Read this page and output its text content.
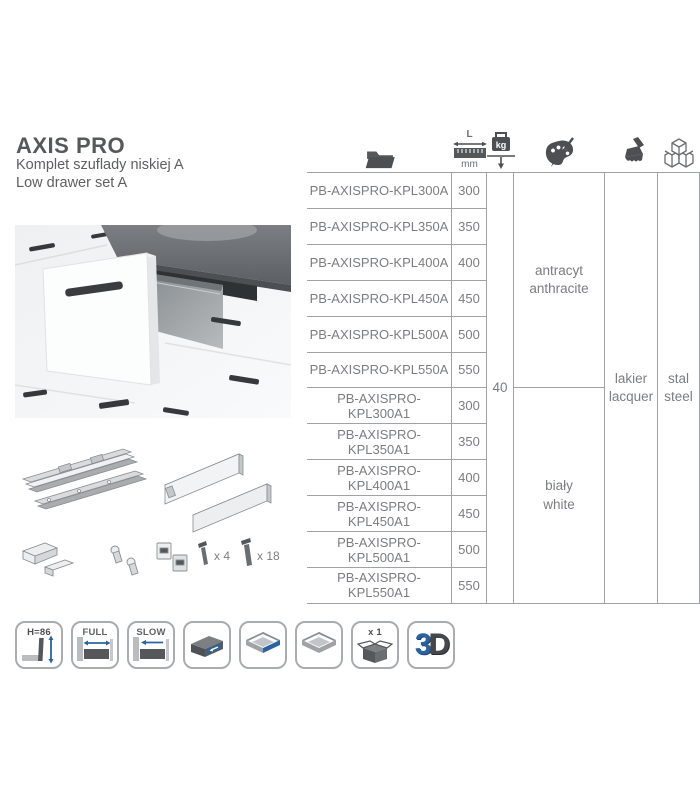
AXIS PRO
Komplet szuflady niskiej A
Low drawer set A
x 4 x 18
L
mm
kg
40
antracyt
anthracite
biały
white
lakier
lacquer
stal
steel
PB-AXISPRO-KPL300A 300
PB-AXISPRO-KPL350A 350
PB-AXISPRO-KPL400A 400
PB-AXISPRO-KPL450A 450
PB-AXISPRO-KPL500A 500
PB-AXISPRO-KPL550A 550
PB-AXISPRO-KPL300A1	300
PB-AXISPRO-KPL350A1	350
PB-AXISPRO-KPL400A1	400
PB-AXISPRO-KPL450A1	450
PB-AXISPRO-KPL500A1	500
PB-AXISPRO-KPL550A1	550
H=86	FULL	SLOW	x 1	3 D
